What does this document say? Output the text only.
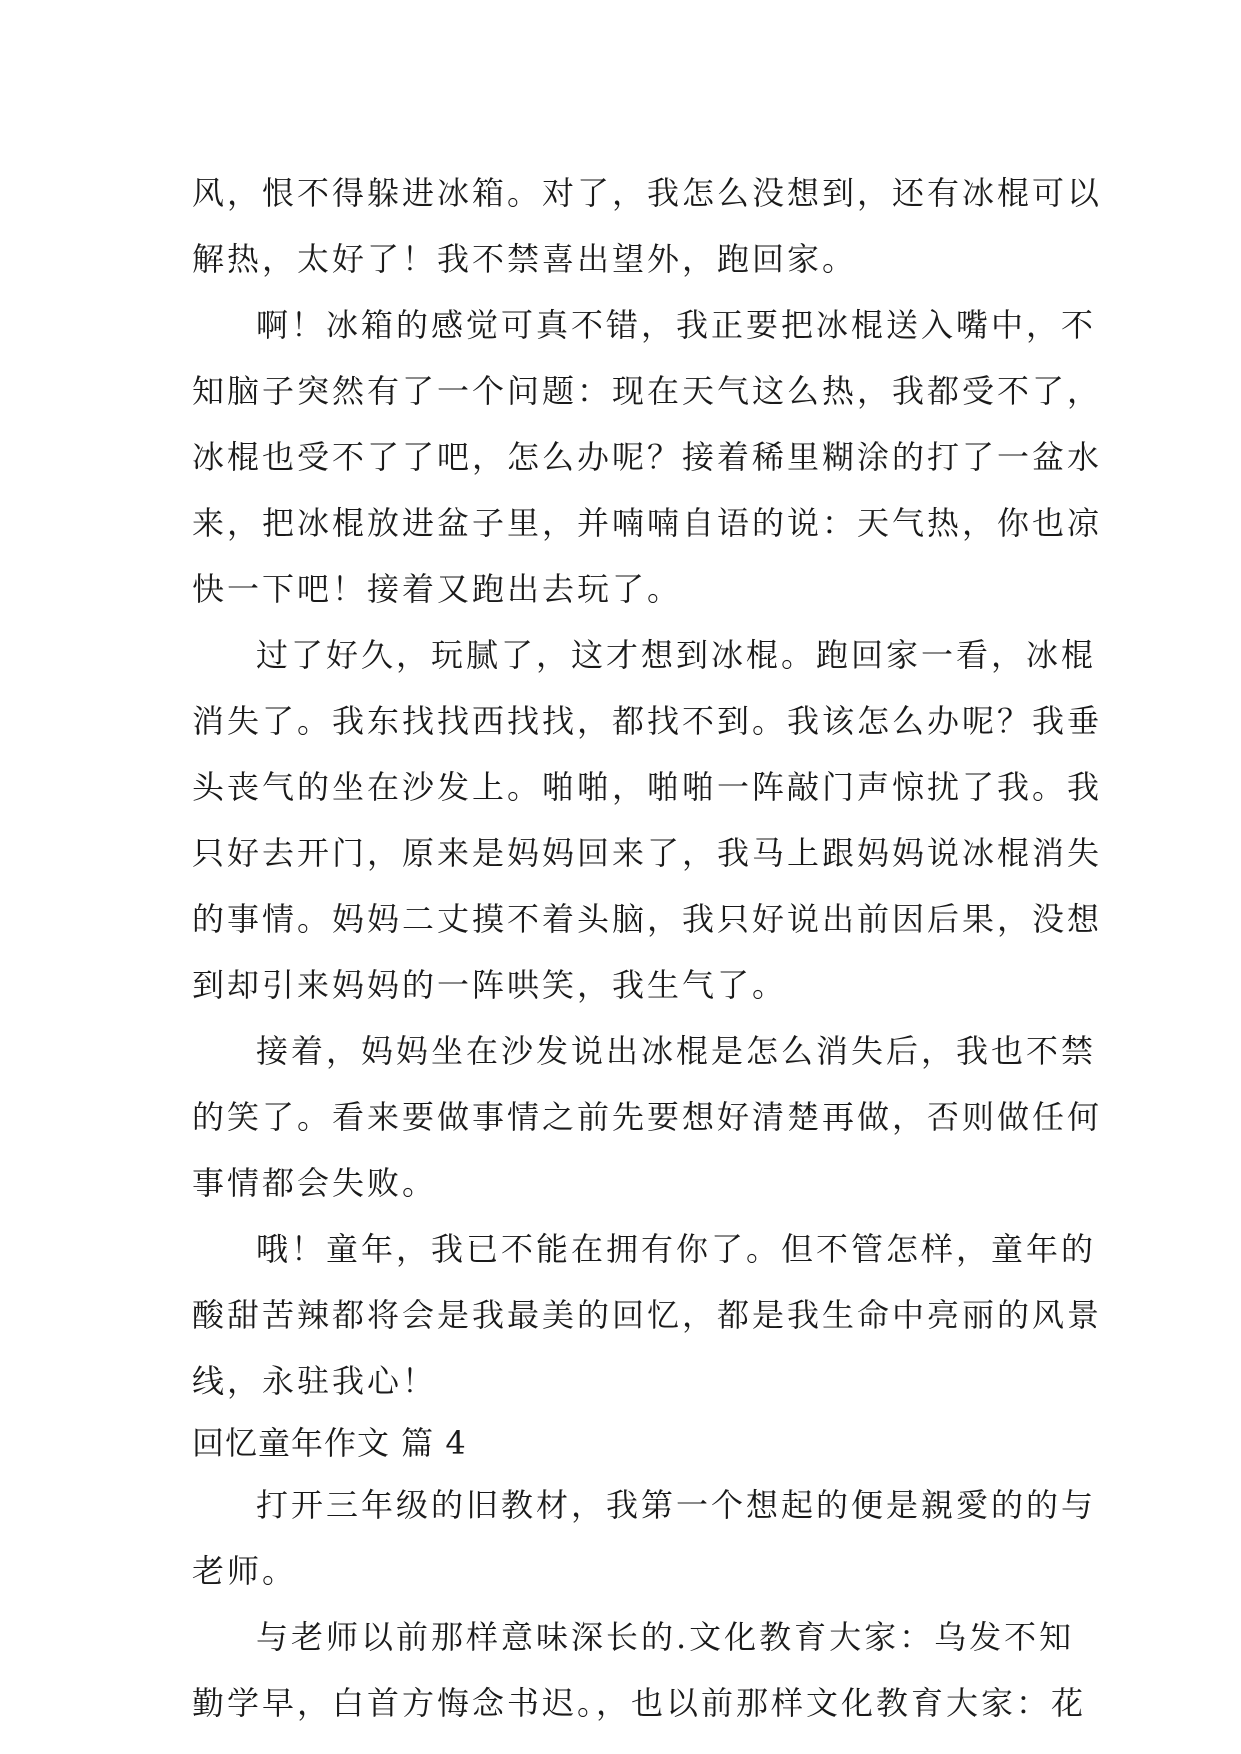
风，恨不得躲进冰箱。对了，我怎么没想到，还有冰棍可以
解热，太好了！我不禁喜出望外，跑回家。
啊！冰箱的感觉可真不错，我正要把冰棍送入嘴中，不
知脑子突然有了一个问题：现在天气这么热，我都受不了，
冰棍也受不了了吧，怎么办呢？接着稀里糊涂的打了一盆水
来，把冰棍放进盆子里，并喃喃自语的说：天气热，你也凉
快一下吧！接着又跑出去玩了。
过了好久，玩腻了，这才想到冰棍。跑回家一看，冰棍
消失了。我东找找西找找，都找不到。我该怎么办呢？我垂
头丧气的坐在沙发上。啪啪，啪啪一阵敲门声惊扰了我。我
只好去开门，原来是妈妈回来了，我马上跟妈妈说冰棍消失
的事情。妈妈二丈摸不着头脑，我只好说出前因后果，没想
到却引来妈妈的一阵哄笑，我生气了。
接着，妈妈坐在沙发说出冰棍是怎么消失后，我也不禁
的笑了。看来要做事情之前先要想好清楚再做，否则做任何
事情都会失败。
哦！童年，我已不能在拥有你了。但不管怎样，童年的
酸甜苦辣都将会是我最美的回忆，都是我生命中亮丽的风景
线，永驻我心！
回忆童年作文 篇 4
打开三年级的旧教材，我第一个想起的便是親愛的的与
老师。
与老师以前那样意味深长的.文化教育大家：乌发不知
勤学早，白首方悔念书迟。，也以前那样文化教育大家：花
